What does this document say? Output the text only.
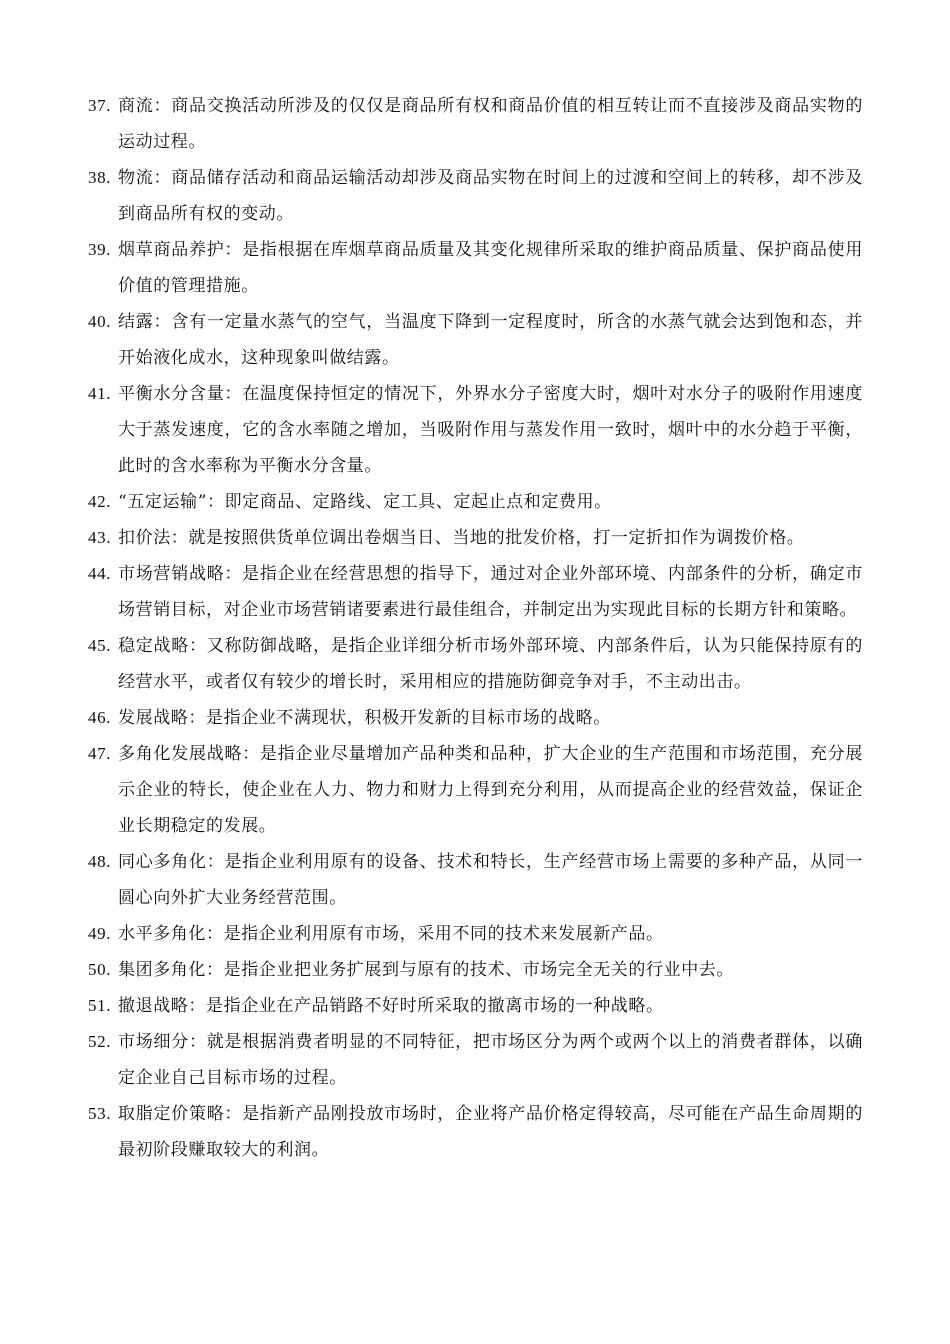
37. 商流：商品交换活动所涉及的仅仅是商品所有权和商品价值的相互转让而不直接涉及商品实物的运动过程。
38. 物流：商品储存活动和商品运输活动却涉及商品实物在时间上的过渡和空间上的转移，却不涉及到商品所有权的变动。
39. 烟草商品养护：是指根据在库烟草商品质量及其变化规律所采取的维护商品质量、保护商品使用价值的管理措施。
40. 结露：含有一定量水蒸气的空气，当温度下降到一定程度时，所含的水蒸气就会达到饱和态，并开始液化成水，这种现象叫做结露。
41. 平衡水分含量：在温度保持恒定的情况下，外界水分子密度大时，烟叶对水分子的吸附作用速度大于蒸发速度，它的含水率随之增加，当吸附作用与蒸发作用一致时，烟叶中的水分趋于平衡，此时的含水率称为平衡水分含量。
42. “五定运输”：即定商品、定路线、定工具、定起止点和定费用。
43. 扣价法：就是按照供货单位调出卷烟当日、当地的批发价格，打一定折扣作为调拨价格。
44. 市场营销战略：是指企业在经营思想的指导下，通过对企业外部环境、内部条件的分析，确定市场营销目标，对企业市场营销诸要素进行最佳组合，并制定出为实现此目标的长期方针和策略。
45. 稳定战略：又称防御战略，是指企业详细分析市场外部环境、内部条件后，认为只能保持原有的经营水平，或者仅有较少的增长时，采用相应的措施防御竞争对手，不主动出击。
46. 发展战略：是指企业不满现状，积极开发新的目标市场的战略。
47. 多角化发展战略：是指企业尽量增加产品种类和品种，扩大企业的生产范围和市场范围，充分展示企业的特长，使企业在人力、物力和财力上得到充分利用，从而提高企业的经营效益，保证企业长期稳定的发展。
48. 同心多角化：是指企业利用原有的设备、技术和特长，生产经营市场上需要的多种产品，从同一圆心向外扩大业务经营范围。
49. 水平多角化：是指企业利用原有市场，采用不同的技术来发展新产品。
50. 集团多角化：是指企业把业务扩展到与原有的技术、市场完全无关的行业中去。
51. 撤退战略：是指企业在产品销路不好时所采取的撤离市场的一种战略。
52. 市场细分：就是根据消费者明显的不同特征，把市场区分为两个或两个以上的消费者群体，以确定企业自己目标市场的过程。
53. 取脂定价策略：是指新产品刚投放市场时，企业将产品价格定得较高，尽可能在产品生命周期的最初阶段赚取较大的利润。
